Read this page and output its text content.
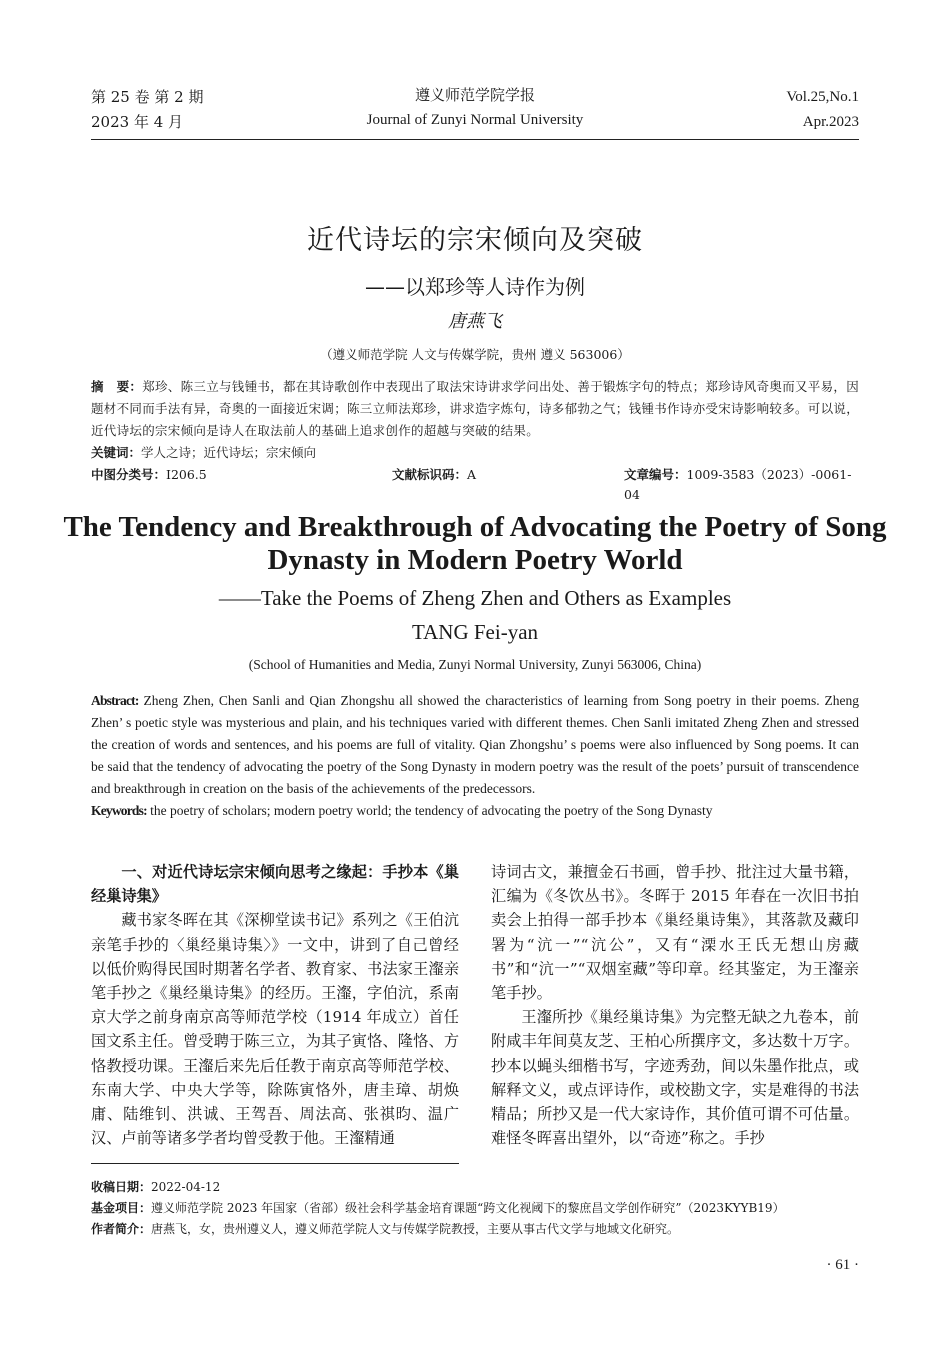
第 25 卷 第 2 期
2023 年 4 月
遵义师范学院学报
Journal of Zunyi Normal University
Vol.25,No.1
Apr.2023
近代诗坛的宗宋倾向及突破
——以郑珍等人诗作为例
唐燕飞
（遵义师范学院 人文与传媒学院，贵州 遵义 563006）
摘　要：郑珍、陈三立与钱锺书，都在其诗歌创作中表现出了取法宋诗讲求学问出处、善于锻炼字句的特点；郑珍诗风奇奥而又平易，因题材不同而手法有异，奇奥的一面接近宋调；陈三立师法郑珍，讲求造字炼句，诗多郁勃之气；钱锺书作诗亦受宋诗影响较多。可以说，近代诗坛的宗宋倾向是诗人在取法前人的基础上追求创作的超越与突破的结果。
关键词：学人之诗；近代诗坛；宗宋倾向
中图分类号：I206.5	文献标识码：A	文章编号：1009-3583（2023）-0061-04
The Tendency and Breakthrough of Advocating the Poetry of Song Dynasty in Modern Poetry World
——Take the Poems of Zheng Zhen and Others as Examples
TANG Fei-yan
(School of Humanities and Media, Zunyi Normal University, Zunyi 563006, China)
Abstract: Zheng Zhen, Chen Sanli and Qian Zhongshu all showed the characteristics of learning from Song poetry in their poems. Zheng Zhen’ s poetic style was mysterious and plain, and his techniques varied with different themes. Chen Sanli imitated Zheng Zhen and stressed the creation of words and sentences, and his poems are full of vitality. Qian Zhongshu’ s poems were also influenced by Song poems. It can be said that the tendency of advocating the poetry of the Song Dynasty in modern poetry was the result of the poets’ pursuit of transcendence and breakthrough in creation on the basis of the achievements of the predecessors.
Keywords: the poetry of scholars; modern poetry world; the tendency of advocating the poetry of the Song Dynasty
一、对近代诗坛宗宋倾向思考之缘起：手抄本《巢经巢诗集》

藏书家冬晖在其《深柳堂读书记》系列之《王伯沆亲笔手抄的〈巢经巢诗集〉》一文中，讲到了自己曾经以低价购得民国时期著名学者、教育家、书法家王瀣亲笔手抄之《巢经巢诗集》的经历。王瀣，字伯沆，系南京大学之前身南京高等师范学校（1914 年成立）首任国文系主任。曾受聘于陈三立，为其子寅恪、隆恪、方恪教授功课。王瀣后来先后任教于南京高等师范学校、东南大学、中央大学等，除陈寅恪外，唐圭璋、胡焕庸、陆维钊、洪诚、王驾吾、周法高、张祺昀、温广汉、卢前等诸多学者均曾受教于他。王瀣精通

诗词古文，兼擅金石书画，曾手抄、批注过大量书籍，汇编为《冬饮丛书》。冬晖于 2015 年春在一次旧书拍卖会上拍得一部手抄本《巢经巢诗集》，其落款及藏印署为“沆一”“沆公”，又有“溧水王氏无想山房藏书”和“沆一”“双烟室藏”等印章。经其鉴定，为王瀣亲笔手抄。

王瀣所抄《巢经巢诗集》为完整无缺之九卷本，前附咸丰年间莫友芝、王柏心所撰序文，多达数十万字。抄本以蝇头细楷书写，字迹秀劲，间以朱墨作批点，或解释文义，或点评诗作，或校勘文字，实是难得的书法精品；所抄又是一代大家诗作，其价值可谓不可估量。难怪冬晖喜出望外，以“奇迹”称之。手抄

收稿日期：2022-04-12
基金项目：遵义师范学院 2023 年国家（省部）级社会科学基金培育课题“跨文化视阈下的黎庶昌文学创作研究”（2023KYYB19）
作者简介：唐燕飞，女，贵州遵义人，遵义师范学院人文与传媒学院教授，主要从事古代文学与地域文化研究。
· 61 ·
